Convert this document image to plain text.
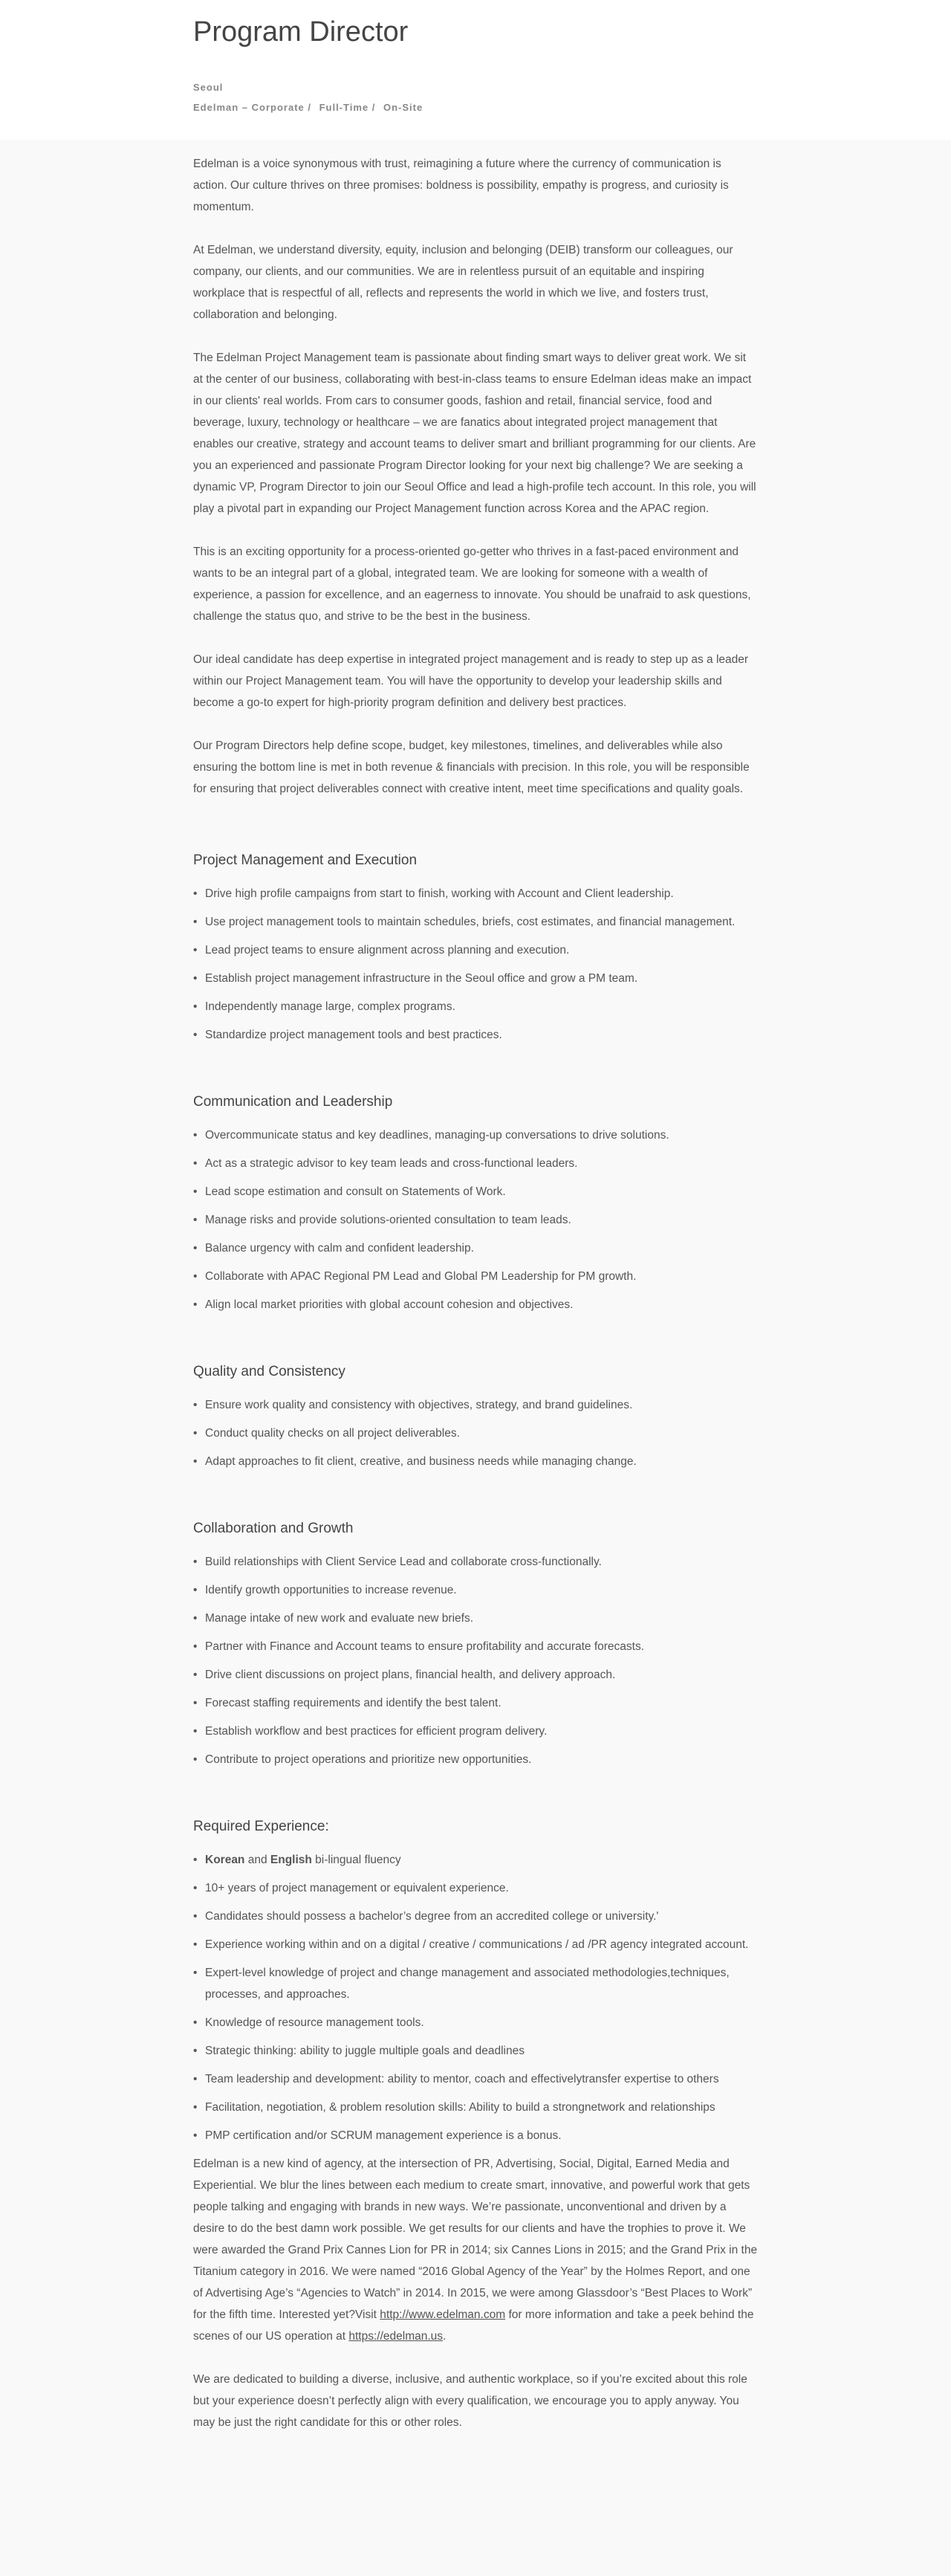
Program Director
Seoul
Edelman – Corporate / Full-Time / On-Site

Edelman is a voice synonymous with trust, reimagining a future where the currency of communication is action. Our culture thrives on three promises: boldness is possibility, empathy is progress, and curiosity is momentum.

At Edelman, we understand diversity, equity, inclusion and belonging (DEIB) transform our colleagues, our company, our clients, and our communities. We are in relentless pursuit of an equitable and inspiring workplace that is respectful of all, reflects and represents the world in which we live, and fosters trust, collaboration and belonging.

The Edelman Project Management team is passionate about finding smart ways to deliver great work. We sit at the center of our business, collaborating with best-in-class teams to ensure Edelman ideas make an impact in our clients' real worlds. From cars to consumer goods, fashion and retail, financial service, food and beverage, luxury, technology or healthcare – we are fanatics about integrated project management that enables our creative, strategy and account teams to deliver smart and brilliant programming for our clients. Are you an experienced and passionate Program Director looking for your next big challenge? We are seeking a dynamic VP, Program Director to join our Seoul Office and lead a high-profile tech account. In this role, you will play a pivotal part in expanding our Project Management function across Korea and the APAC region.

This is an exciting opportunity for a process-oriented go-getter who thrives in a fast-paced environment and wants to be an integral part of a global, integrated team. We are looking for someone with a wealth of experience, a passion for excellence, and an eagerness to innovate. You should be unafraid to ask questions, challenge the status quo, and strive to be the best in the business.

Our ideal candidate has deep expertise in integrated project management and is ready to step up as a leader within our Project Management team. You will have the opportunity to develop your leadership skills and become a go-to expert for high-priority program definition and delivery best practices.

Our Program Directors help define scope, budget, key milestones, timelines, and deliverables while also ensuring the bottom line is met in both revenue & financials with precision. In this role, you will be responsible for ensuring that project deliverables connect with creative intent, meet time specifications and quality goals.

Project Management and Execution
• Drive high profile campaigns from start to finish, working with Account and Client leadership.
• Use project management tools to maintain schedules, briefs, cost estimates, and financial management.
• Lead project teams to ensure alignment across planning and execution.
• Establish project management infrastructure in the Seoul office and grow a PM team.
• Independently manage large, complex programs.
• Standardize project management tools and best practices.
Communication and Leadership
• Overcommunicate status and key deadlines, managing-up conversations to drive solutions.
• Act as a strategic advisor to key team leads and cross-functional leaders.
• Lead scope estimation and consult on Statements of Work.
• Manage risks and provide solutions-oriented consultation to team leads.
• Balance urgency with calm and confident leadership.
• Collaborate with APAC Regional PM Lead and Global PM Leadership for PM growth.
• Align local market priorities with global account cohesion and objectives.
Quality and Consistency
• Ensure work quality and consistency with objectives, strategy, and brand guidelines.
• Conduct quality checks on all project deliverables.
• Adapt approaches to fit client, creative, and business needs while managing change.
Collaboration and Growth
• Build relationships with Client Service Lead and collaborate cross-functionally.
• Identify growth opportunities to increase revenue.
• Manage intake of new work and evaluate new briefs.
• Partner with Finance and Account teams to ensure profitability and accurate forecasts.
• Drive client discussions on project plans, financial health, and delivery approach.
• Forecast staffing requirements and identify the best talent.
• Establish workflow and best practices for efficient program delivery.
• Contribute to project operations and prioritize new opportunities.
Required Experience:
• Korean and English bi-lingual fluency
• 10+ years of project management or equivalent experience.
• Candidates should possess a bachelor’s degree from an accredited college or university.'
• Experience working within and on a digital / creative / communications / ad /PR agency integrated account.
• Expert-level knowledge of project and change management and associated methodologies,techniques, processes, and approaches.
• Knowledge of resource management tools.
• Strategic thinking: ability to juggle multiple goals and deadlines
• Team leadership and development: ability to mentor, coach and effectivelytransfer expertise to others
• Facilitation, negotiation, & problem resolution skills: Ability to build a strongnetwork and relationships
• PMP certification and/or SCRUM management experience is a bonus.

Edelman is a new kind of agency, at the intersection of PR, Advertising, Social, Digital, Earned Media and Experiential. We blur the lines between each medium to create smart, innovative, and powerful work that gets people talking and engaging with brands in new ways. We’re passionate, unconventional and driven by a desire to do the best damn work possible. We get results for our clients and have the trophies to prove it. We were awarded the Grand Prix Cannes Lion for PR in 2014; six Cannes Lions in 2015; and the Grand Prix in the Titanium category in 2016. We were named “2016 Global Agency of the Year” by the Holmes Report, and one of Advertising Age’s “Agencies to Watch” in 2014. In 2015, we were among Glassdoor’s “Best Places to Work” for the fifth time. Interested yet?Visit http://www.edelman.com for more information and take a peek behind the scenes of our US operation at https://edelman.us.

We are dedicated to building a diverse, inclusive, and authentic workplace, so if you’re excited about this role but your experience doesn’t perfectly align with every qualification, we encourage you to apply anyway. You may be just the right candidate for this or other roles.
